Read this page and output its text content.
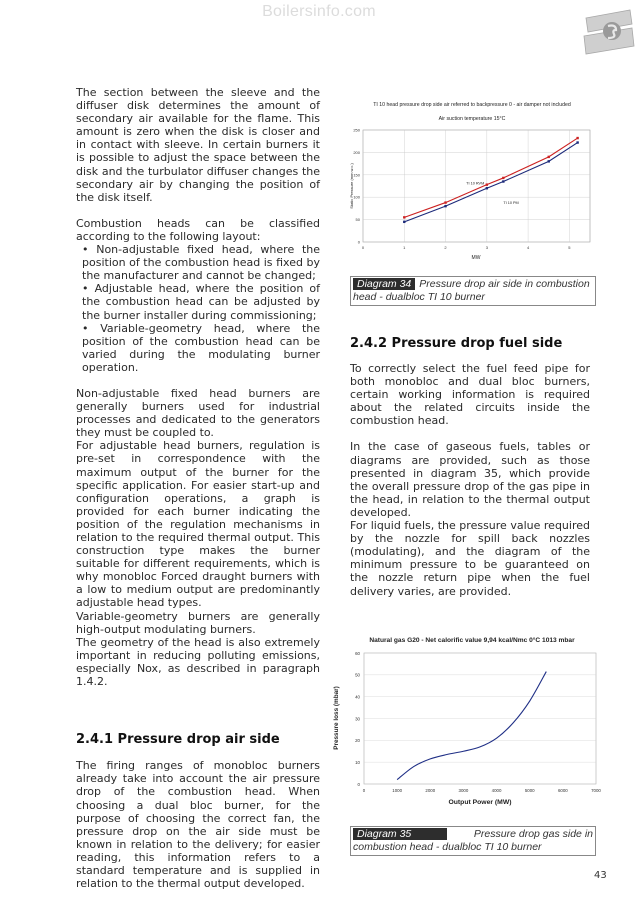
Boilersinfo.com

The section between the sleeve and the diffuser disk determines the amount of secondary air available for the flame. This amount is zero when the disk is closer and in contact with sleeve. In certain burners it is possible to adjust the space between the disk and the turbulator diffuser changes the secondary air by changing the position of the disk itself.

Combustion heads can be classified according to the following layout:

• Non-adjustable fixed head, where the position of the combustion head is fixed by the manufacturer and cannot be changed;
• Adjustable head, where the position of the combustion head can be adjusted by the burner installer during commissioning;
• Variable-geometry head, where the position of the combustion head can be varied during the modulating burner operation.

Non-adjustable fixed head burners are generally burners used for industrial processes and dedicated to the generators they must be coupled to.

For adjustable head burners, regulation is pre-set in correspondence with the maximum output of the burner for the specific application. For easier start-up and configuration operations, a graph is provided for each burner indicating the position of the regulation mechanisms in relation to the required thermal output. This construction type makes the burner suitable for different requirements, which is why monobloc Forced draught burners with a low to medium output are predominantly adjustable head types.

Variable-geometry burners are generally high-output modulating burners.

The geometry of the head is also extremely important in reducing polluting emissions, especially Nox, as described in paragraph 1.4.2.

2.4.1 Pressure drop air side

The firing ranges of monobloc burners already take into account the air pressure drop of the combustion head. When choosing a dual bloc burner, for the purpose of choosing the correct fan, the pressure drop on the air side must be known in relation to the delivery; for easier reading, this information refers to a standard temperature and is supplied in relation to the thermal output developed.

TI 10 head pressure drop side air referred to backpressure 0 - air damper not included
Air suction temperature 15°C
0
50
100
150
200
250
0	1	2	3	4	5
TI 10 RVM
TI 10 PM
MW
Static Pressure (mm w.c.)
Diagram 34 Pressure drop air side in combustion
head - dualbloc TI 10 burner
2.4.2 Pressure drop fuel side

To correctly select the fuel feed pipe for both monobloc and dual bloc burners, certain working information is required about the related circuits inside the combustion head.

In the case of gaseous fuels, tables or diagrams are provided, such as those presented in diagram 35, which provide the overall pressure drop of the gas pipe in the head, in relation to the thermal output developed.

For liquid fuels, the pressure value required by the nozzle for spill back nozzles (modulating), and the diagram of the minimum pressure to be guaranteed on the nozzle return pipe when the fuel delivery varies, are provided.

Natural gas G20 - Net calorific value 9,94 kcal/Nmc 0°C 1013 mbar
0
10
20
30
40
50
60
0	1000	2000	3000	4000	5000	6000	7000
Output Power (MW)
Pressure loss (mbar)
Diagram 35	Pressure drop gas side in

combustion head - dualbloc TI 10 burner
43
